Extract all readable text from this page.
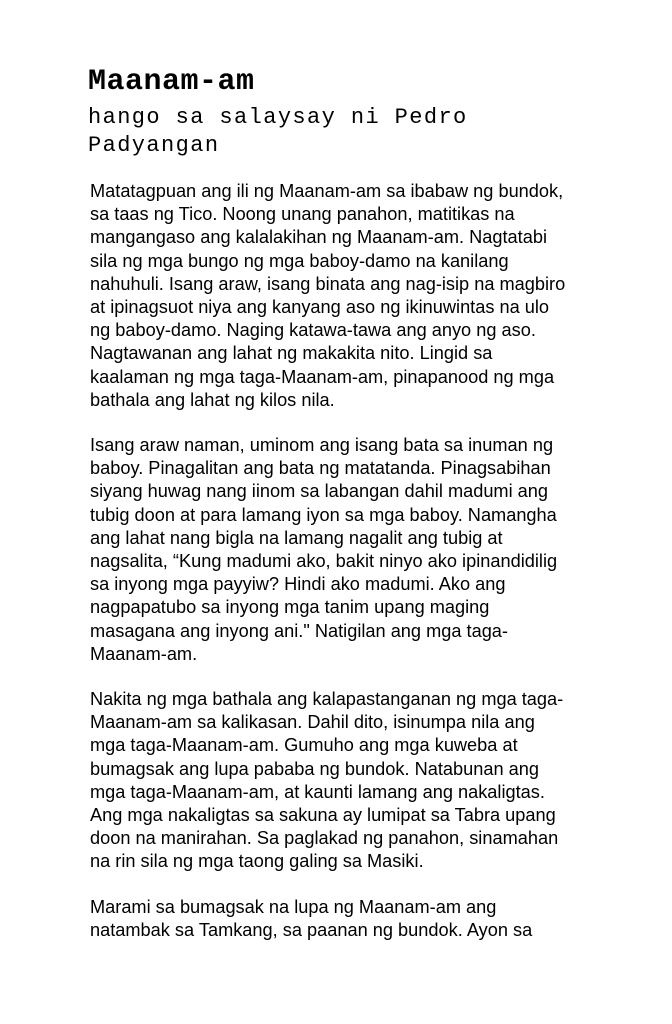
Maanam-am
hango sa salaysay ni Pedro
Padyangan

Matatagpuan ang ili ng Maanam-am sa ibabaw ng bundok,
sa taas ng Tico. Noong unang panahon, matitikas na
mangangaso ang kalalakihan ng Maanam-am. Nagtatabi
sila ng mga bungo ng mga baboy-damo na kanilang
nahuhuli. Isang araw, isang binata ang nag-isip na magbiro
at ipinagsuot niya ang kanyang aso ng ikinuwintas na ulo
ng baboy-damo. Naging katawa-tawa ang anyo ng aso.
Nagtawanan ang lahat ng makakita nito. Lingid sa
kaalaman ng mga taga-Maanam-am, pinapanood ng mga
bathala ang lahat ng kilos nila.

Isang araw naman, uminom ang isang bata sa inuman ng
baboy. Pinagalitan ang bata ng matatanda. Pinagsabihan
siyang huwag nang iinom sa labangan dahil madumi ang
tubig doon at para lamang iyon sa mga baboy. Namangha
ang lahat nang bigla na lamang nagalit ang tubig at
nagsalita, “Kung madumi ako, bakit ninyo ako ipinandidilig
sa inyong mga payyiw? Hindi ako madumi. Ako ang
nagpapatubo sa inyong mga tanim upang maging
masagana ang inyong ani." Natigilan ang mga taga-
Maanam-am.

Nakita ng mga bathala ang kalapastanganan ng mga taga-
Maanam-am sa kalikasan. Dahil dito, isinumpa nila ang
mga taga-Maanam-am. Gumuho ang mga kuweba at
bumagsak ang lupa pababa ng bundok. Natabunan ang
mga taga-Maanam-am, at kaunti lamang ang nakaligtas.
Ang mga nakaligtas sa sakuna ay lumipat sa Tabra upang
doon na manirahan. Sa paglakad ng panahon, sinamahan
na rin sila ng mga taong galing sa Masiki.

Marami sa bumagsak na lupa ng Maanam-am ang
natambak sa Tamkang, sa paanan ng bundok. Ayon sa
